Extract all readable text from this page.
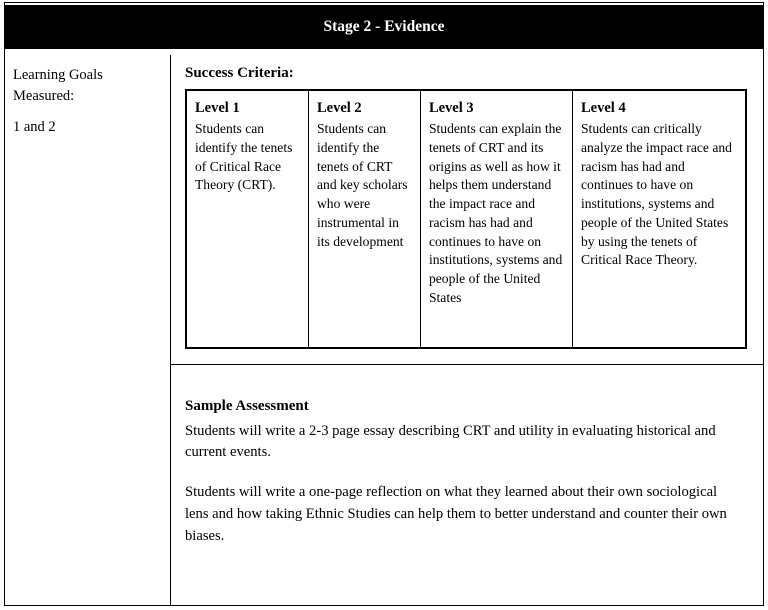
Stage 2 - Evidence
Learning Goals
Measured:
1 and 2
Success Criteria:
Level 1
Students can identify the tenets of Critical Race Theory (CRT).
Level 2
Students can identify the tenets of CRT and key scholars who were instrumental in its development
Level 3
Students can explain the tenets of CRT and its origins as well as how it helps them understand the impact race and racism has had and continues to have on institutions, systems and people of the United States
Level 4
Students can critically analyze the impact race and racism has had and continues to have on institutions, systems and people of the United States by using the tenets of Critical Race Theory.
Sample Assessment

Students will write a 2-3 page essay describing CRT and utility in evaluating historical and current events.

Students will write a one-page reflection on what they learned about their own sociological lens and how taking Ethnic Studies can help them to better understand and counter their own biases.
